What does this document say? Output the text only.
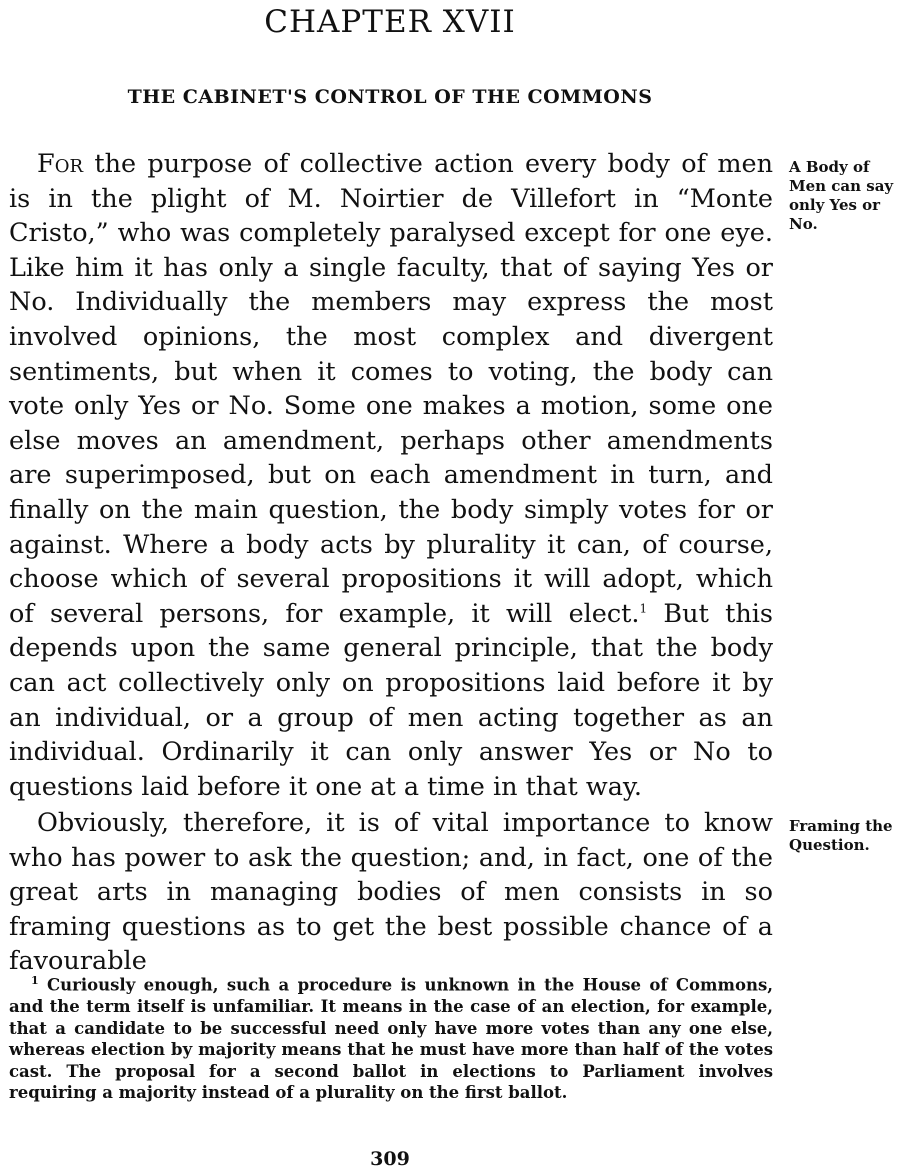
CHAPTER XVII
THE CABINET'S CONTROL OF THE COMMONS

For the purpose of collective action every body of men is in the plight of M. Noirtier de Villefort in “Monte Cristo,” who was completely paralysed except for one eye. Like him it has only a single faculty, that of saying Yes or No. Individually the members may express the most involved opinions, the most complex and divergent sentiments, but when it comes to voting, the body can vote only Yes or No. Some one makes a motion, some one else moves an amendment, perhaps other amendments are superimposed, but on each amendment in turn, and finally on the main question, the body simply votes for or against. Where a body acts by plurality it can, of course, choose which of several propositions it will adopt, which of several persons, for example, it will elect.$^1$ But this depends upon the same general principle, that the body can act collectively only on propositions laid before it by an individual, or a group of men acting together as an individual. Ordinarily it can only answer Yes or No to questions laid before it one at a time in that way.

Obviously, therefore, it is of vital importance to know who has power to ask the question; and, in fact, one of the great arts in managing bodies of men consists in so framing questions as to get the best possible chance of a favourable

A Body of Men can say only Yes or No.

Framing the Question.

$^1$ Curiously enough, such a procedure is unknown in the House of Commons, and the term itself is unfamiliar. It means in the case of an election, for example, that a candidate to be successful need only have more votes than any one else, whereas election by majority means that he must have more than half of the votes cast. The proposal for a second ballot in elections to Parliament involves requiring a majority instead of a plurality on the first ballot.

309
